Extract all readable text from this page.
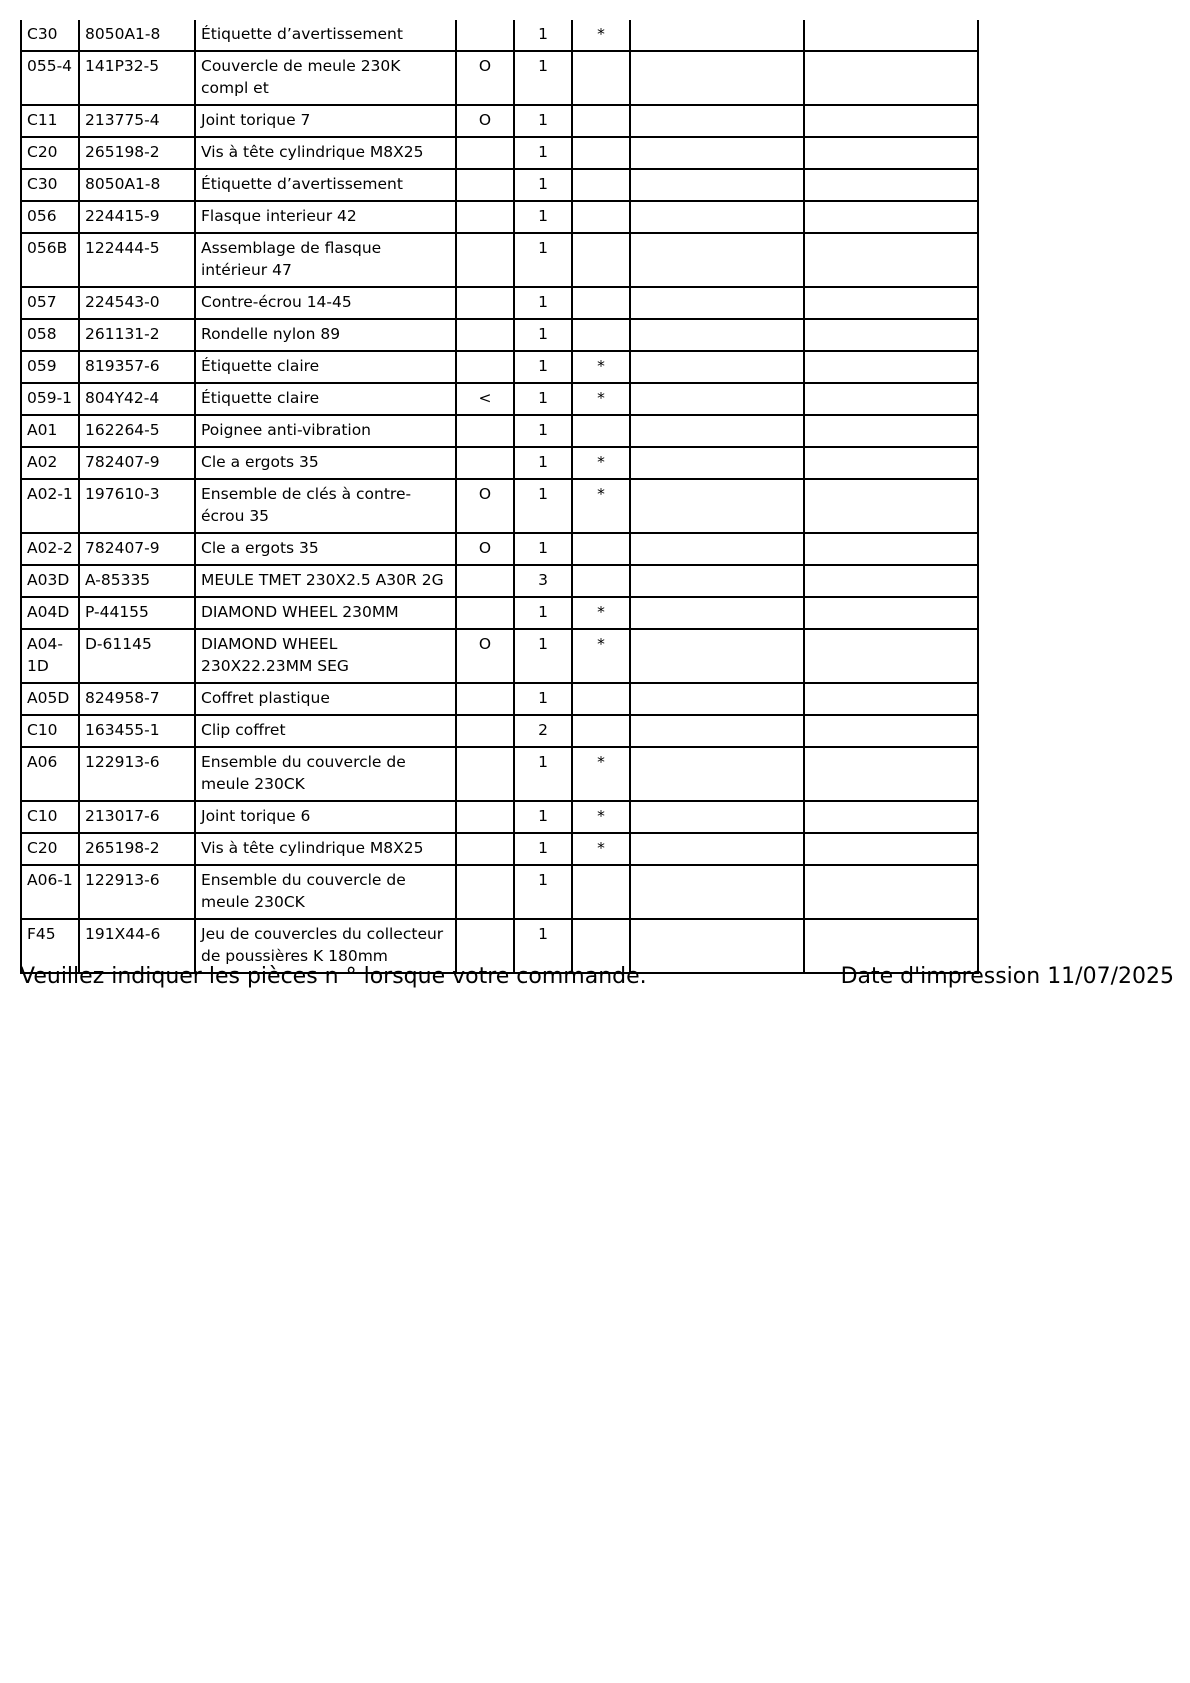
C30	8050A1-8	Étiquette d’avertissement		1	*		
055-4	141P32-5	Couvercle de meule 230K compl et	O	1			
C11	213775-4	Joint torique 7	O	1			
C20	265198-2	Vis à tête cylindrique M8X25		1			
C30	8050A1-8	Étiquette d’avertissement		1			
056	224415-9	Flasque interieur 42		1			
056B	122444-5	Assemblage de flasque intérieur 47		1			
057	224543-0	Contre-écrou 14-45		1			
058	261131-2	Rondelle nylon 89		1			
059	819357-6	Étiquette claire		1	*		
059-1	804Y42-4	Étiquette claire	<	1	*		
A01	162264-5	Poignee anti-vibration		1			
A02	782407-9	Cle a ergots 35		1	*		
A02-1	197610-3	Ensemble de clés à contre-écrou 35	O	1	*		
A02-2	782407-9	Cle a ergots 35	O	1			
A03D	A-85335	MEULE TMET 230X2.5 A30R 2G		3			
A04D	P-44155	DIAMOND WHEEL 230MM		1	*		
A04-1D	D-61145	DIAMOND WHEEL 230X22.23MM SEG	O	1	*		
A05D	824958-7	Coffret plastique		1			
C10	163455-1	Clip coffret		2			
A06	122913-6	Ensemble du couvercle de meule 230CK		1	*		
C10	213017-6	Joint torique 6		1	*		
C20	265198-2	Vis à tête cylindrique M8X25		1	*		
A06-1	122913-6	Ensemble du couvercle de meule 230CK		1			
F45	191X44-6	Jeu de couvercles du collecteur de poussières K 180mm		1			
Veuillez indiquer les pièces n ° lorsque votre commande.	Date d'impression 11/07/2025
